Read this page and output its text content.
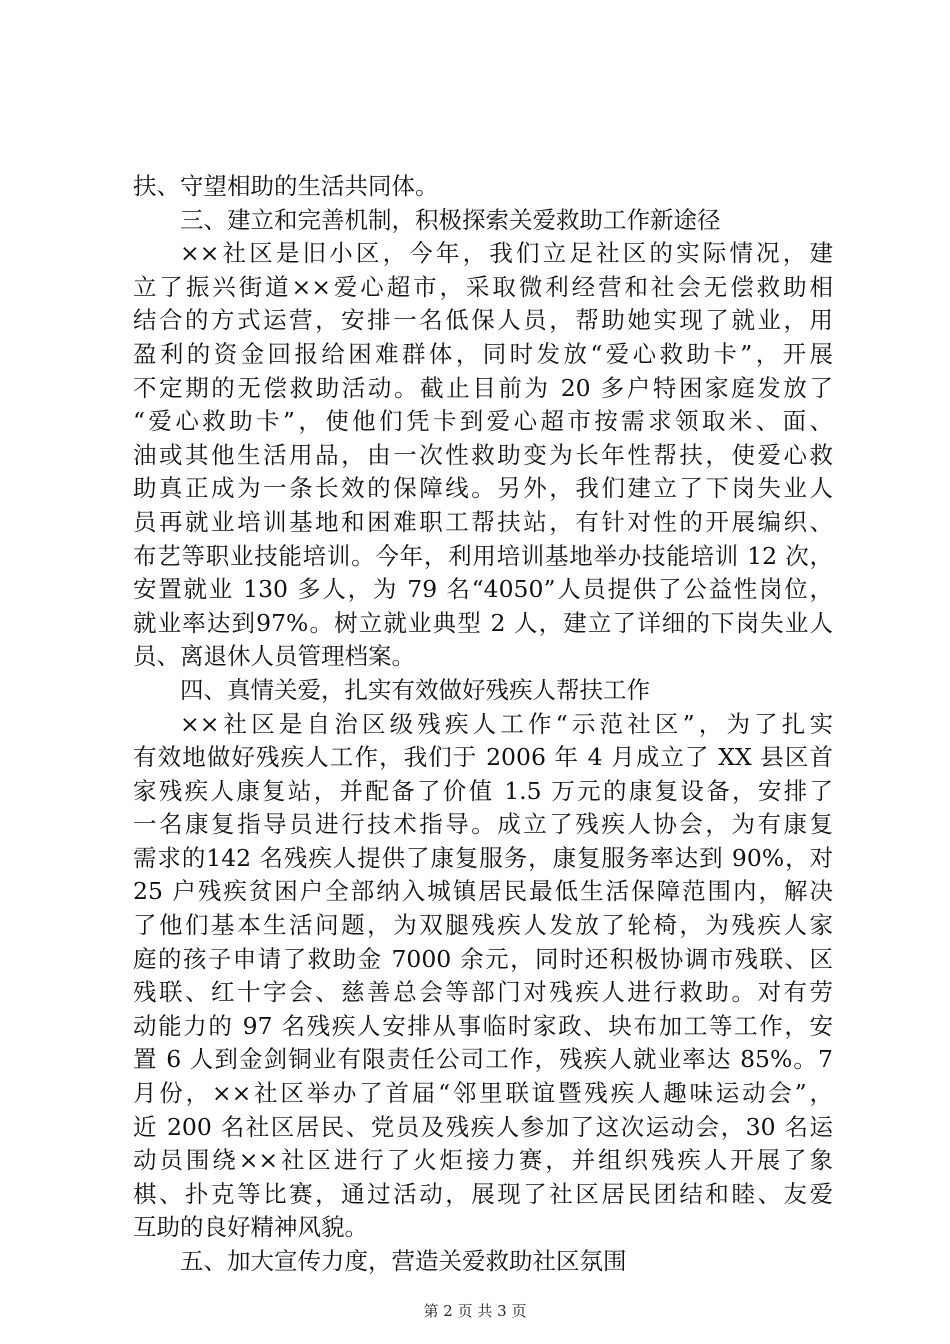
扶、守望相助的生活共同体。
三、建立和完善机制，积极探索关爱救助工作新途径
××社区是旧小区，今年，我们立足社区的实际情况，建
立了振兴街道××爱心超市，采取微利经营和社会无偿救助相
结合的方式运营，安排一名低保人员，帮助她实现了就业，用
盈利的资金回报给困难群体，同时发放“爱心救助卡”，开展
不定期的无偿救助活动。截止目前为 20 多户特困家庭发放了
“爱心救助卡”，使他们凭卡到爱心超市按需求领取米、面、
油或其他生活用品，由一次性救助变为长年性帮扶，使爱心救
助真正成为一条长效的保障线。另外，我们建立了下岗失业人
员再就业培训基地和困难职工帮扶站，有针对性的开展编织、
布艺等职业技能培训。今年，利用培训基地举办技能培训 12 次，
安置就业 130 多人，为 79 名“4050”人员提供了公益性岗位，
就业率达到97%。树立就业典型 2 人，建立了详细的下岗失业人
员、离退休人员管理档案。
四、真情关爱，扎实有效做好残疾人帮扶工作
××社区是自治区级残疾人工作“示范社区”，为了扎实
有效地做好残疾人工作，我们于 2006 年 4 月成立了 XX 县区首
家残疾人康复站，并配备了价值 1.5 万元的康复设备，安排了
一名康复指导员进行技术指导。成立了残疾人协会，为有康复
需求的142 名残疾人提供了康复服务，康复服务率达到 90%，对
25 户残疾贫困户全部纳入城镇居民最低生活保障范围内，解决
了他们基本生活问题，为双腿残疾人发放了轮椅，为残疾人家
庭的孩子申请了救助金 7000 余元，同时还积极协调市残联、区
残联、红十字会、慈善总会等部门对残疾人进行救助。对有劳
动能力的 97 名残疾人安排从事临时家政、块布加工等工作，安
置 6 人到金剑铜业有限责任公司工作，残疾人就业率达 85%。7
月份，××社区举办了首届“邻里联谊暨残疾人趣味运动会”，
近 200 名社区居民、党员及残疾人参加了这次运动会，30 名运
动员围绕××社区进行了火炬接力赛，并组织残疾人开展了象
棋、扑克等比赛，通过活动，展现了社区居民团结和睦、友爱
互助的良好精神风貌。
五、加大宣传力度，营造关爱救助社区氛围
第 2 页 共 3 页
